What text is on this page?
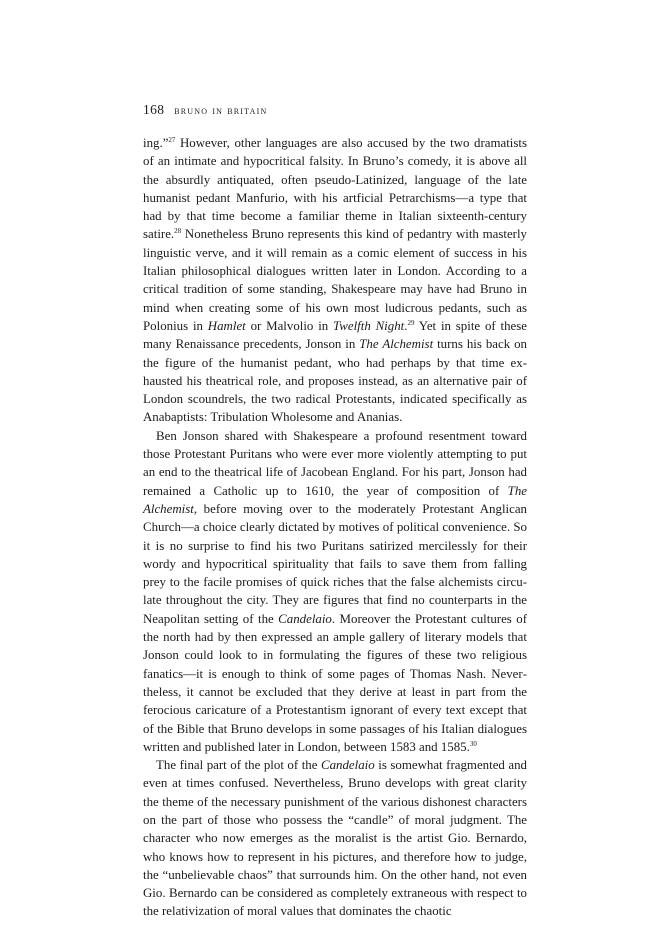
168 bruno in britain

ing.”$^{27}$ However, other languages are also accused by the two dramatists of an intimate and hypocritical falsity. In Bruno’s comedy, it is above all the absurdly antiquated, often pseudo-Latinized, language of the late humanist pedant Manfurio, with his artficial Petrarchisms—a type that had by that time become a familiar theme in Italian sixteenth-century satire.$^{28}$ Nonetheless Bruno represents this kind of pedantry with masterly linguistic verve, and it will remain as a comic element of success in his Italian philosophical dialogues written later in London. According to a critical tradition of some standing, Shakespeare may have had Bruno in mind when creating some of his own most ludicrous pedants, such as Polonius in Hamlet or Malvolio in Twelfth Night.$^{29}$ Yet in spite of these many Renaissance precedents, Jonson in The Alchemist turns his back on the figure of the humanist pedant, who had perhaps by that time exhausted his theatrical role, and proposes instead, as an alternative pair of London scoundrels, the two radical Protestants, indicated specifically as Anabaptists: Tribulation Wholesome and Ananias.

Ben Jonson shared with Shakespeare a profound resentment toward those Protestant Puritans who were ever more violently attempting to put an end to the theatrical life of Jacobean England. For his part, Jonson had remained a Catholic up to 1610, the year of composition of The Alchemist, before moving over to the moderately Protestant Anglican Church—a choice clearly dictated by motives of political convenience. So it is no surprise to find his two Puritans satirized mercilessly for their wordy and hypocritical spirituality that fails to save them from falling prey to the facile promises of quick riches that the false alchemists circulate throughout the city. They are figures that find no counterparts in the Neapolitan setting of the Candelaio. Moreover the Protestant cultures of the north had by then expressed an ample gallery of literary models that Jonson could look to in formulating the figures of these two religious fanatics—it is enough to think of some pages of Thomas Nash. Nevertheless, it cannot be excluded that they derive at least in part from the ferocious caricature of a Protestantism ignorant of every text except that of the Bible that Bruno develops in some passages of his Italian dialogues written and published later in London, between 1583 and 1585.30

The final part of the plot of the Candelaio is somewhat fragmented and even at times confused. Nevertheless, Bruno develops with great clarity the theme of the necessary punishment of the various dishonest characters on the part of those who possess the “candle” of moral judgment. The character who now emerges as the moralist is the artist Gio. Bernardo, who knows how to represent in his pictures, and therefore how to judge, the “unbelievable chaos” that surrounds him. On the other hand, not even Gio. Bernardo can be considered as completely extraneous with respect to the relativization of moral values that dominates the chaotic
